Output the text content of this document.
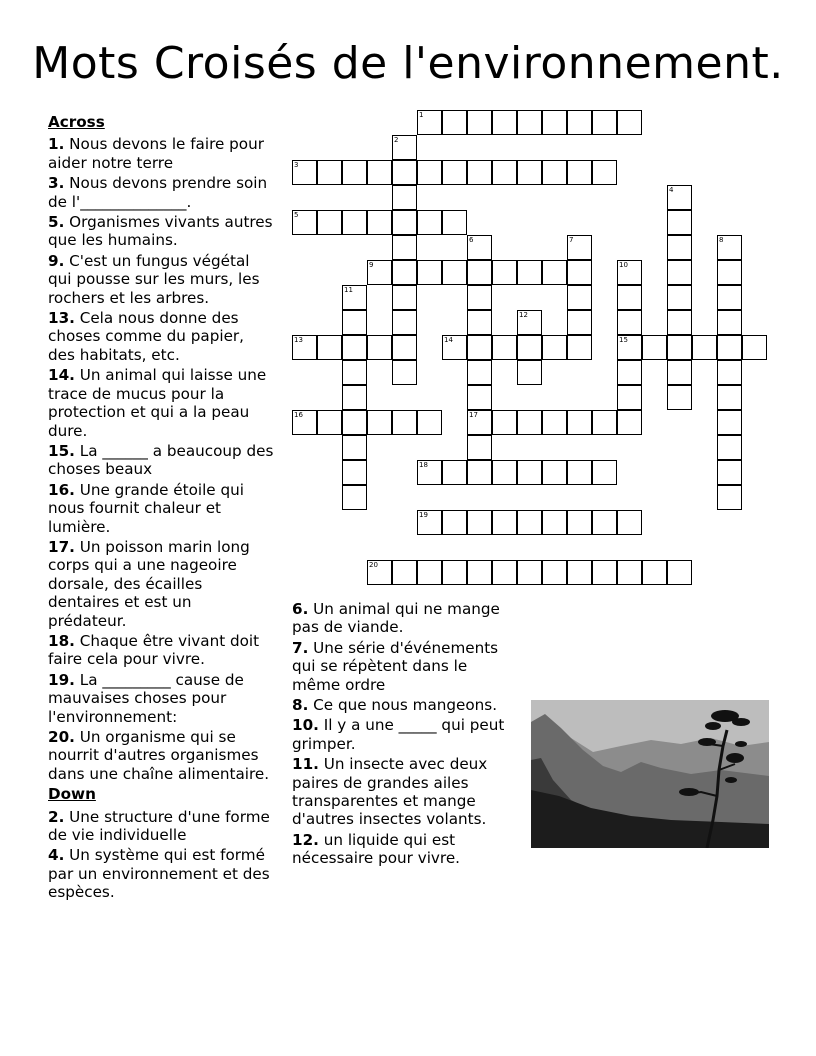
Mots Croisés de l'environnement.
Across
1. Nous devons le faire pour aider notre terre
3. Nous devons prendre soin de l'______________.
5. Organismes vivants autres que les humains.
9. C'est un fungus végétal qui pousse sur les murs, les rochers et les arbres.
13. Cela nous donne des choses comme du papier, des habitats, etc.
14. Un animal qui laisse une trace de mucus pour la protection et qui a la peau dure.
15. La ______ a beaucoup des choses beaux
16. Une grande étoile qui nous fournit chaleur et lumière.
17. Un poisson marin long corps qui a une nageoire dorsale, des écailles dentaires et est un prédateur.
18. Chaque être vivant doit faire cela pour vivre.
19. La _________ cause de mauvaises choses pour l'environnement:
20. Un organisme qui se nourrit d'autres organismes dans une chaîne alimentaire.
Down
2. Une structure d'une forme de vie individuelle
4. Un système qui est formé par un environnement et des espèces.
6. Un animal qui ne mange pas de viande.
7. Une série d'événements qui se répètent dans le même ordre
8. Ce que nous mangeons.
10. Il y a une _____ qui peut grimper.
11. Un insecte avec deux paires de grandes ailes transparentes et mange d'autres insectes volants.
12. un liquide qui est nécessaire pour vivre.
1
2
3
4
5
6
17
7	8
9	10
15
11
12
13	14
16
18
19
20
